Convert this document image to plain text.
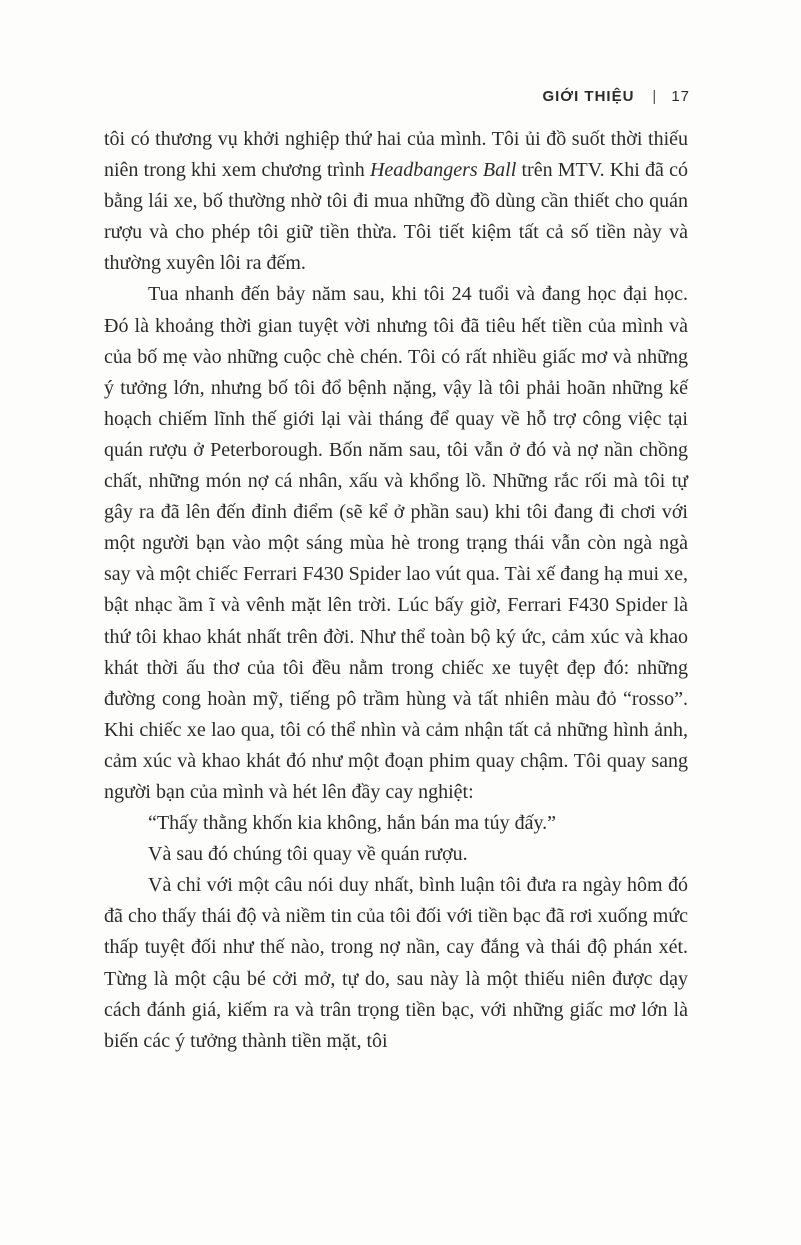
GIỚI THIỆU | 17

tôi có thương vụ khởi nghiệp thứ hai của mình. Tôi ủi đồ suốt thời thiếu niên trong khi xem chương trình Headbangers Ball trên MTV. Khi đã có bằng lái xe, bố thường nhờ tôi đi mua những đồ dùng cần thiết cho quán rượu và cho phép tôi giữ tiền thừa. Tôi tiết kiệm tất cả số tiền này và thường xuyên lôi ra đếm.

Tua nhanh đến bảy năm sau, khi tôi 24 tuổi và đang học đại học. Đó là khoảng thời gian tuyệt vời nhưng tôi đã tiêu hết tiền của mình và của bố mẹ vào những cuộc chè chén. Tôi có rất nhiều giấc mơ và những ý tưởng lớn, nhưng bố tôi đổ bệnh nặng, vậy là tôi phải hoãn những kế hoạch chiếm lĩnh thế giới lại vài tháng để quay về hỗ trợ công việc tại quán rượu ở Peterborough. Bốn năm sau, tôi vẫn ở đó và nợ nần chồng chất, những món nợ cá nhân, xấu và khổng lồ. Những rắc rối mà tôi tự gây ra đã lên đến đỉnh điểm (sẽ kể ở phần sau) khi tôi đang đi chơi với một người bạn vào một sáng mùa hè trong trạng thái vẫn còn ngà ngà say và một chiếc Ferrari F430 Spider lao vút qua. Tài xế đang hạ mui xe, bật nhạc ầm ĩ và vênh mặt lên trời. Lúc bấy giờ, Ferrari F430 Spider là thứ tôi khao khát nhất trên đời. Như thể toàn bộ ký ức, cảm xúc và khao khát thời ấu thơ của tôi đều nằm trong chiếc xe tuyệt đẹp đó: những đường cong hoàn mỹ, tiếng pô trầm hùng và tất nhiên màu đỏ “rosso”. Khi chiếc xe lao qua, tôi có thể nhìn và cảm nhận tất cả những hình ảnh, cảm xúc và khao khát đó như một đoạn phim quay chậm. Tôi quay sang người bạn của mình và hét lên đầy cay nghiệt:

“Thấy thằng khốn kia không, hắn bán ma túy đấy.”

Và sau đó chúng tôi quay về quán rượu.

Và chỉ với một câu nói duy nhất, bình luận tôi đưa ra ngày hôm đó đã cho thấy thái độ và niềm tin của tôi đối với tiền bạc đã rơi xuống mức thấp tuyệt đối như thế nào, trong nợ nần, cay đắng và thái độ phán xét. Từng là một cậu bé cởi mở, tự do, sau này là một thiếu niên được dạy cách đánh giá, kiếm ra và trân trọng tiền bạc, với những giấc mơ lớn là biến các ý tưởng thành tiền mặt, tôi
